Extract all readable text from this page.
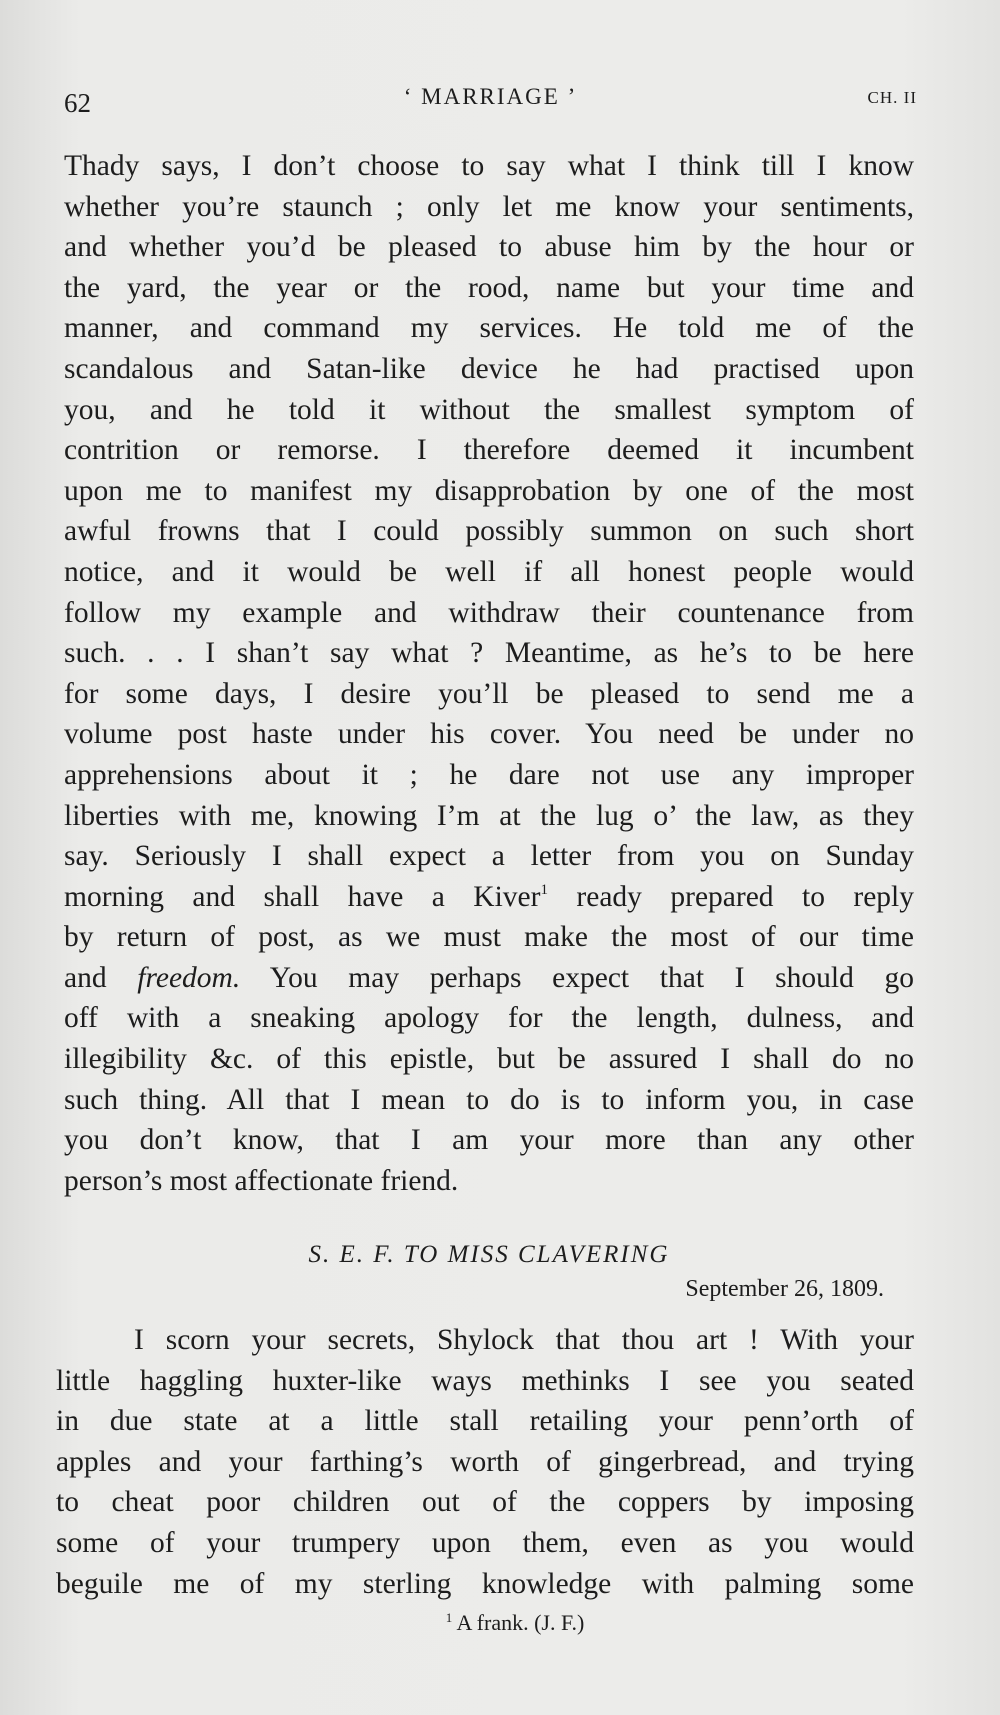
62	‘ MARRIAGE ’	CH. II
Thady says, I don’t choose to say what I think till I know
whether you’re staunch ; only let me know your sentiments,
and whether you’d be pleased to abuse him by the hour or
the yard, the year or the rood, name but your time and
manner, and command my services. He told me of the
scandalous and Satan-like device he had practised upon
you, and he told it without the smallest symptom of
contrition or remorse. I therefore deemed it incumbent
upon me to manifest my disapprobation by one of the most
awful frowns that I could possibly summon on such short
notice, and it would be well if all honest people would
follow my example and withdraw their countenance from
such. . . I shan’t say what ? Meantime, as he’s to be here
for some days, I desire you’ll be pleased to send me a
volume post haste under his cover. You need be under no
apprehensions about it ; he dare not use any improper
liberties with me, knowing I’m at the lug o’ the law, as they
say. Seriously I shall expect a letter from you on Sunday
morning and shall have a Kiver$^1$ ready prepared to reply
by return of post, as we must make the most of our time
and freedom. You may perhaps expect that I should go
off with a sneaking apology for the length, dulness, and
illegibility &c. of this epistle, but be assured I shall do no
such thing. All that I mean to do is to inform you, in case
you don’t know, that I am your more than any other
person’s most affectionate friend.
S. E. F. TO MISS CLAVERING
September 26, 1809.
I scorn your secrets, Shylock that thou art ! With your
little haggling huxter-like ways methinks I see you seated
in due state at a little stall retailing your penn’orth of
apples and your farthing’s worth of gingerbread, and trying
to cheat poor children out of the coppers by imposing
some of your trumpery upon them, even as you would
beguile me of my sterling knowledge with palming some
$^1$ A frank. (J. F.)
